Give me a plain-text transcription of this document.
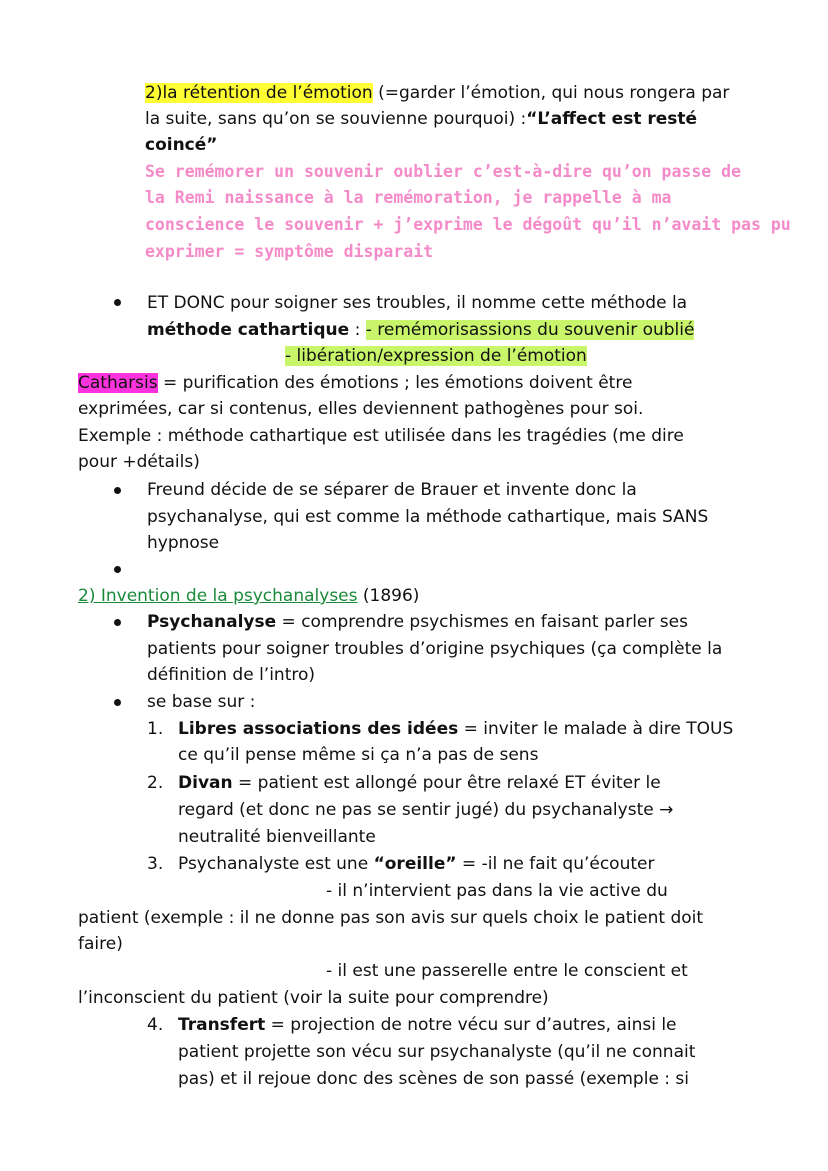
2)la rétention de l’émotion (=garder l’émotion, qui nous rongera par
la suite, sans qu’on se souvienne pourquoi) :“L’affect est resté
coincé”
Se remémorer un souvenir oublier c’est-à-dire qu’on passe de
la Remi naissance à la remémoration, je rappelle à ma
conscience le souvenir + j’exprime le dégoût qu’il n’avait pas pu
exprimer = symptôme disparait
ET DONC pour soigner ses troubles, il nomme cette méthode la
méthode cathartique : - remémorisassions du souvenir oublié
- libération/expression de l’émotion
Catharsis = purification des émotions ; les émotions doivent être
exprimées, car si contenus, elles deviennent pathogènes pour soi.
Exemple : méthode cathartique est utilisée dans les tragédies (me dire
pour +détails)
Freund décide de se séparer de Brauer et invente donc la
psychanalyse, qui est comme la méthode cathartique, mais SANS
hypnose
2) Invention de la psychanalyses (1896)
Psychanalyse = comprendre psychismes en faisant parler ses
patients pour soigner troubles d’origine psychiques (ça complète la
définition de l’intro)
se base sur :
1. Libres associations des idées = inviter le malade à dire TOUS
ce qu’il pense même si ça n’a pas de sens
2. Divan = patient est allongé pour être relaxé ET éviter le
regard (et donc ne pas se sentir jugé) du psychanalyste →
neutralité bienveillante
3. Psychanalyste est une “oreille” = -il ne fait qu’écouter
- il n’intervient pas dans la vie active du
patient (exemple : il ne donne pas son avis sur quels choix le patient doit
faire)
- il est une passerelle entre le conscient et
l’inconscient du patient (voir la suite pour comprendre)
4. Transfert = projection de notre vécu sur d’autres, ainsi le
patient projette son vécu sur psychanalyste (qu’il ne connait
pas) et il rejoue donc des scènes de son passé (exemple : si
